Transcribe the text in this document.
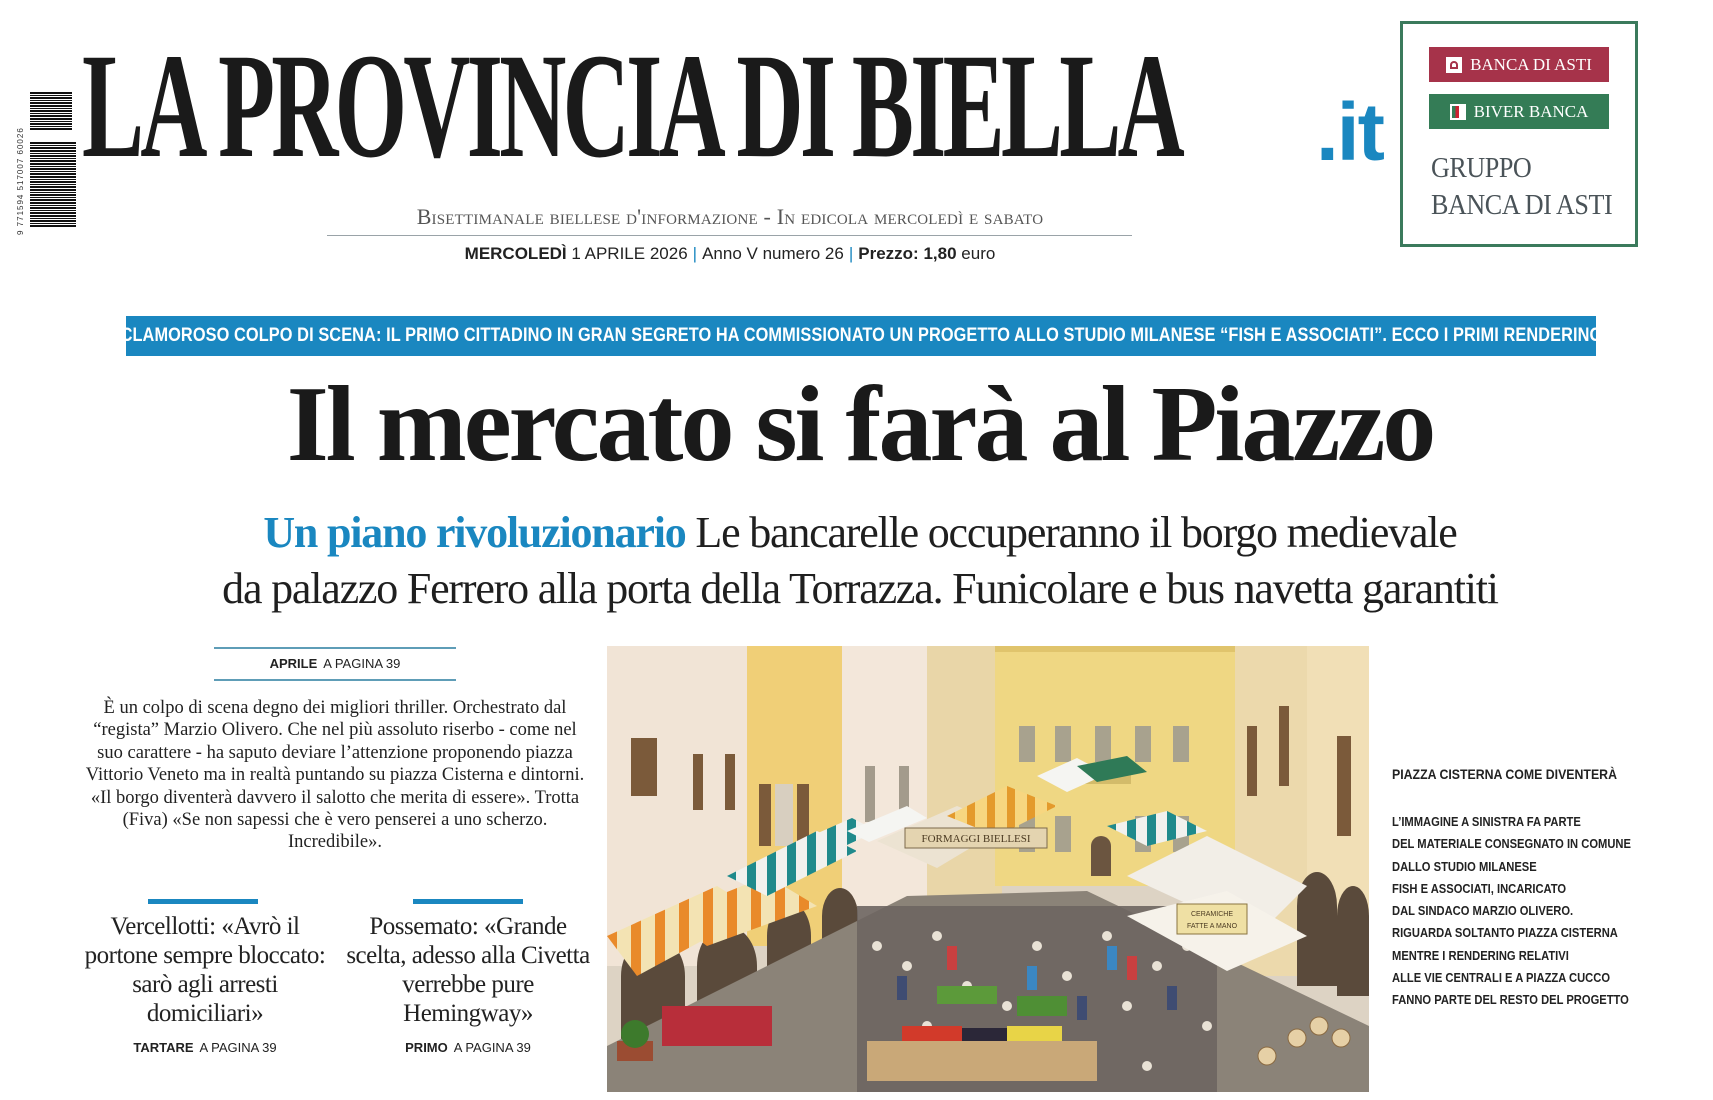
9 771594 517007 60026 LA PROVINCIA DI BIELLA	.it
Bisettimanale biellese d'informazione - In edicola mercoledì e sabato
MERCOLEDÌ 1 APRILE 2026 | Anno V numero 26 | Prezzo: 1,80 euro
BANCA DI ASTI
BIVER BANCA
GRUPPO
BANCA DI ASTI
CLAMOROSO COLPO DI SCENA: IL PRIMO CITTADINO IN GRAN SEGRETO HA COMMISSIONATO UN PROGETTO ALLO STUDIO MILANESE “FISH E ASSOCIATI”. ECCO I PRIMI RENDERING
Il mercato si farà al Piazzo
Un piano rivoluzionario Le bancarelle occuperanno il borgo medievale
da palazzo Ferrero alla porta della Torrazza. Funicolare e bus navetta garantiti
APRILE A PAGINA 39

È un colpo di scena degno dei migliori thriller. Orchestrato dal “regista” Marzio Olivero. Che nel più assoluto riserbo - come nel suo carattere - ha saputo deviare l’attenzione proponendo piazza Vittorio Veneto ma in realtà puntando su piazza Cisterna e dintorni. «Il borgo diventerà davvero il salotto che merita di essere». Trotta (Fiva) «Se non sapessi che è vero penserei a uno scherzo. Incredibile».

Vercellotti: «Avrò il portone sempre bloccato: sarò agli arresti domiciliari»
TARTARE A PAGINA 39
Possemato: «Grande scelta, adesso alla Civetta verrebbe pure Hemingway»
PRIMO A PAGINA 39
FORMAGGI BIELLESI
CERAMICHE
FATTE A MANO
PIAZZA CISTERNA COME DIVENTERÀ
L’IMMAGINE A SINISTRA FA PARTE
DEL MATERIALE CONSEGNATO IN COMUNE
DALLO STUDIO MILANESE
FISH E ASSOCIATI, INCARICATO
DAL SINDACO MARZIO OLIVERO.
RIGUARDA SOLTANTO PIAZZA CISTERNA
MENTRE I RENDERING RELATIVI
ALLE VIE CENTRALI E A PIAZZA CUCCO
FANNO PARTE DEL RESTO DEL PROGETTO
